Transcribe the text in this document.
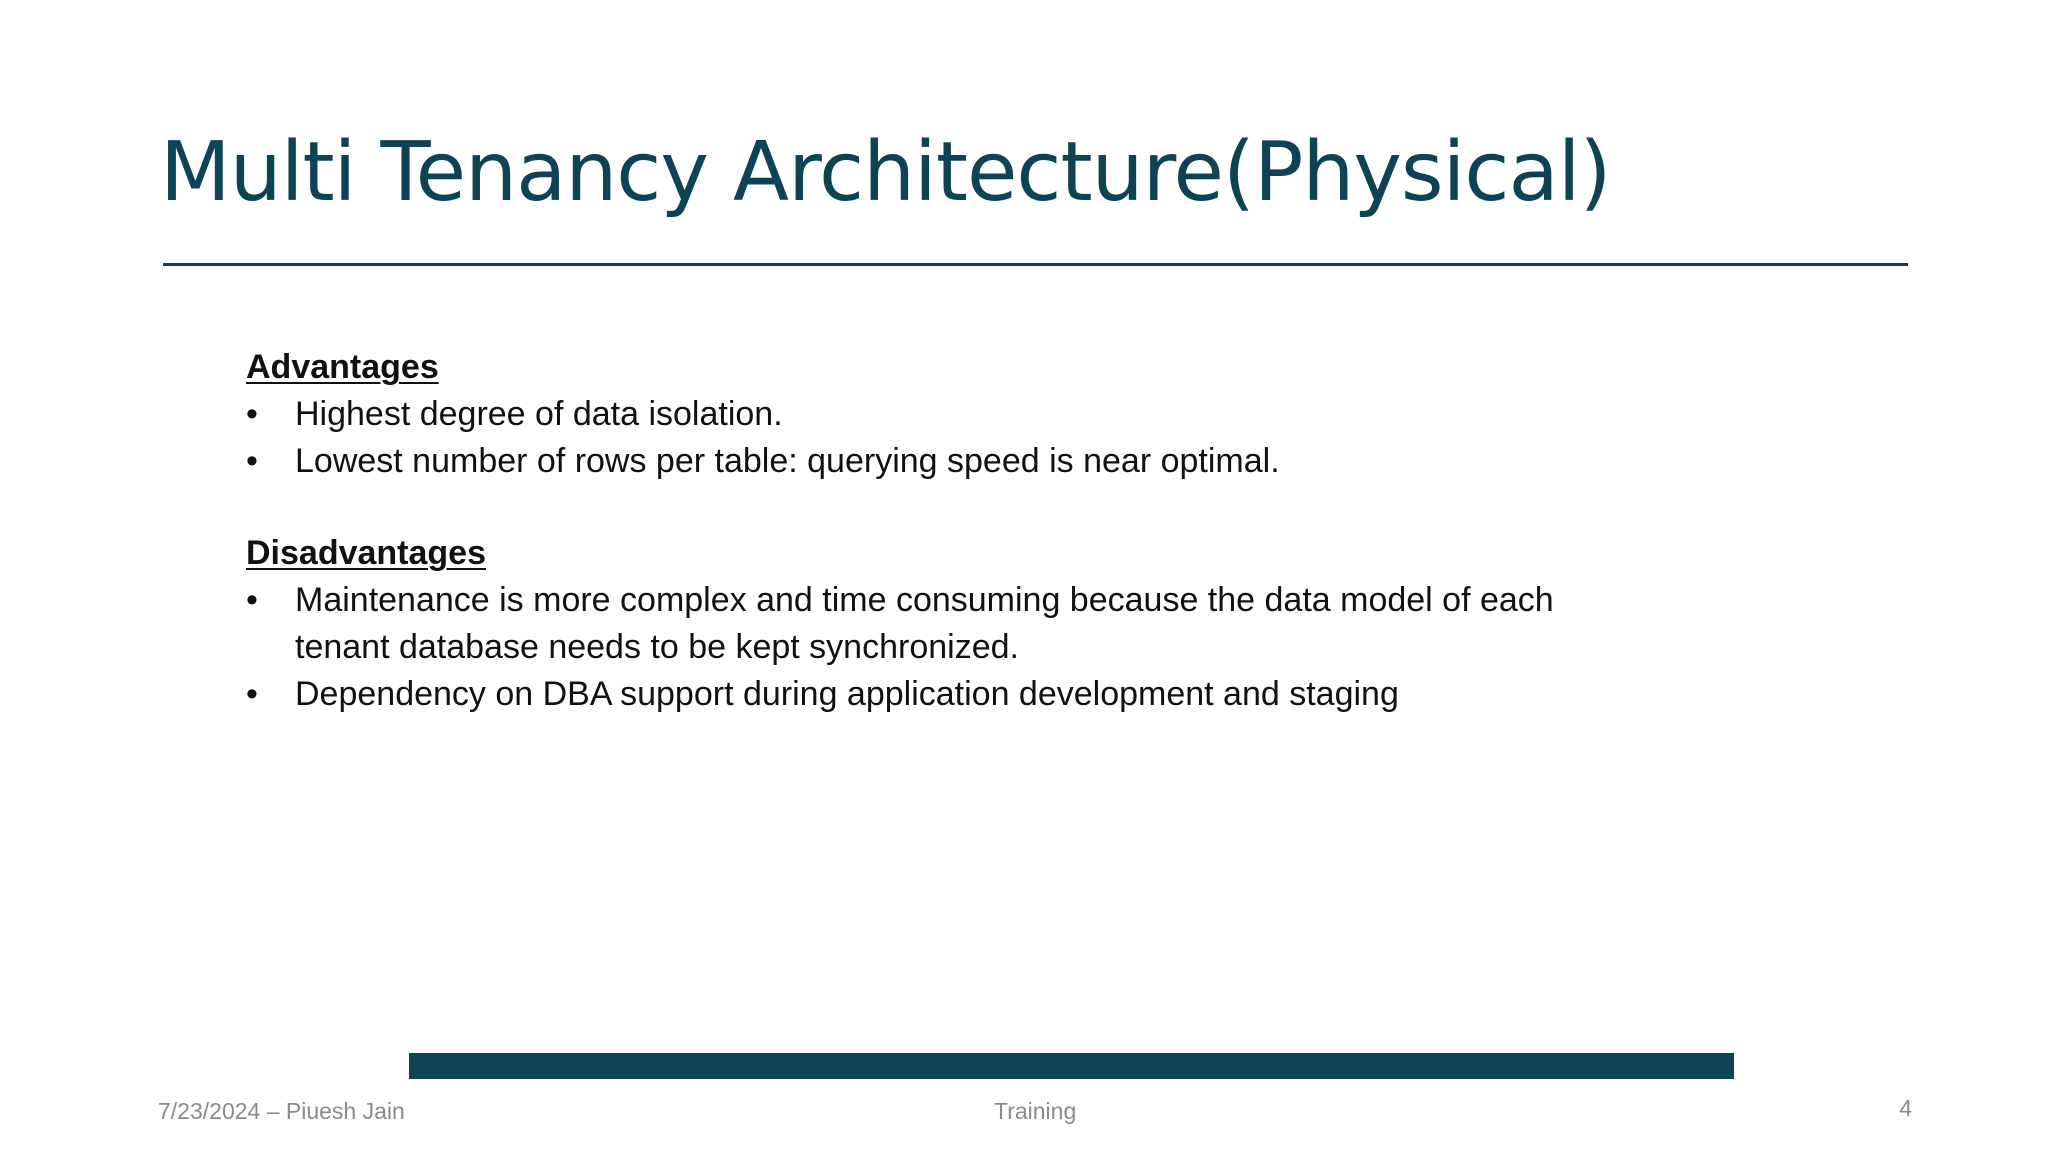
Multi Tenancy Architecture(Physical)
Advantages
• Highest degree of data isolation.
• Lowest number of rows per table: querying speed is near optimal.
Disadvantages
• Maintenance is more complex and time consuming because the data model of each tenant database needs to be kept synchronized.
• Dependency on DBA support during application development and staging
7/23/2024 – Piuesh Jain	Training	4
